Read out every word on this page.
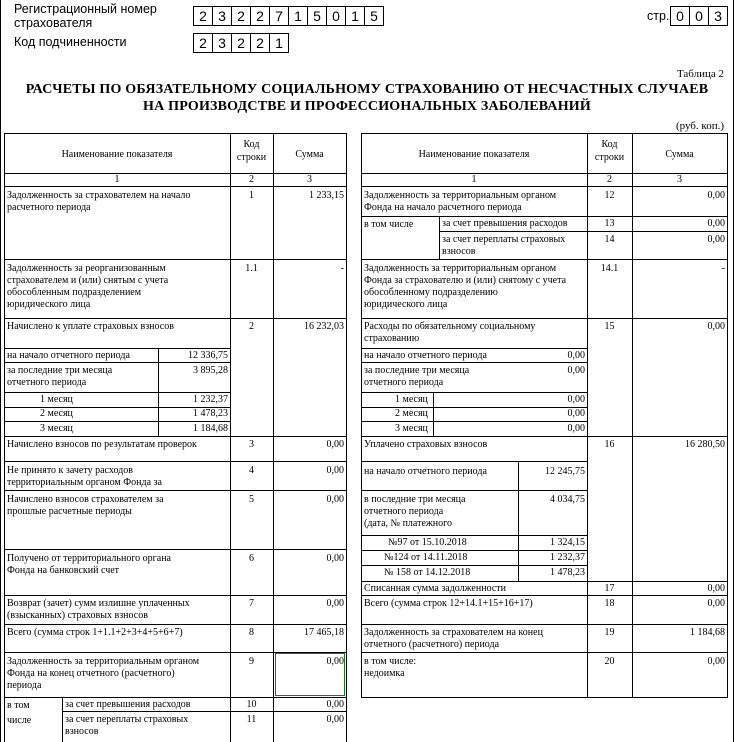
Регистрационный номер
страхователя	2 3 2 2 7 1 5 0 1 5
Код подчиненности	2 3 2 2 1
стр. 0 0 3
Таблица 2
РАСЧЕТЫ ПО ОБЯЗАТЕЛЬНОМУ СОЦИАЛЬНОМУ СТРАХОВАНИЮ ОТ НЕСЧАСТНЫХ СЛУЧАЕВ
НА ПРОИЗВОДСТВЕ И ПРОФЕССИОНАЛЬНЫХ ЗАБОЛЕВАНИЙ
(руб. коп.)
Наименование показателя
Код
строки	Сумма
1	2	3
Задолженность за страхователем на начало
расчетного периода
1	1 233,15
Задолженность за реорганизованным
страхователем и (или) снятым с учета
обособленным подразделением
юридического лица
1.1	-
Начислено к уплате страховых взносов	2	16 232,03
на начало отчетного периода	12 336,75
за последние три месяца
отчетного периода
3 895,28
1 месяц	1 232,37
2 месяц	1 478,23
3 месяц	1 184,68
Начислено взносов по результатам проверок	3	0,00
Не принято к зачету расходов
территориальным органом Фонда за
4	0,00
Начислено взносов страхователем за
прошлые расчетные периоды
5	0,00
Получено от территориального органа
Фонда на банковский счет
6	0,00
Возврат (зачет) сумм излишне уплаченных
(взысканных) страховых взносов
7	0,00
Всего (сумма строк 1+1.1+2+3+4+5+6+7)	8	17 465,18
Задолженность за территориальным органом
Фонда на конец отчетного (расчетного)
периода
9	0,00
в том
числе
за счет превышения расходов	10	0,00
за счет переплаты страховых
взносов
11	0,00
Наименование показателя
Код
строки	Сумма
1	2	3
Задолженность за территориальным органом
Фонда на начало расчетного периода
12	0,00
в том числе	за счет превышения расходов	13	0,00
за счет переплаты страховых
взносов
14	0,00
Задолженность за территориальным органом
Фонда за страхователю и (или) снятому с учета
обособленному подразделению
юридического лица
14.1	-
Расходы по обязательному социальному
страхованию
15	0,00
на начало отчетного периода	0,00
за последние три месяца
отчетного периода
0,00
1 месяц	0,00
2 месяц	0,00
3 месяц	0,00
Уплачено страховых взносов	16	16 280,50
на начало отчетного периода	12 245,75
в последние три месяца
отчетного периода
(дата, № платежного
4 034,75
№97 от 15.10.2018	1 324,15
№124 от 14.11.2018	1 232,37
№ 158 от 14.12.2018	1 478,23
Списанная сумма задолженности	17	0,00
Всего (сумма строк 12+14.1+15+16+17)	18	0,00
Задолженность за страхователем на конец
отчетного (расчетного) периода
19	1 184,68
в том числе:
недоимка
20	0,00
